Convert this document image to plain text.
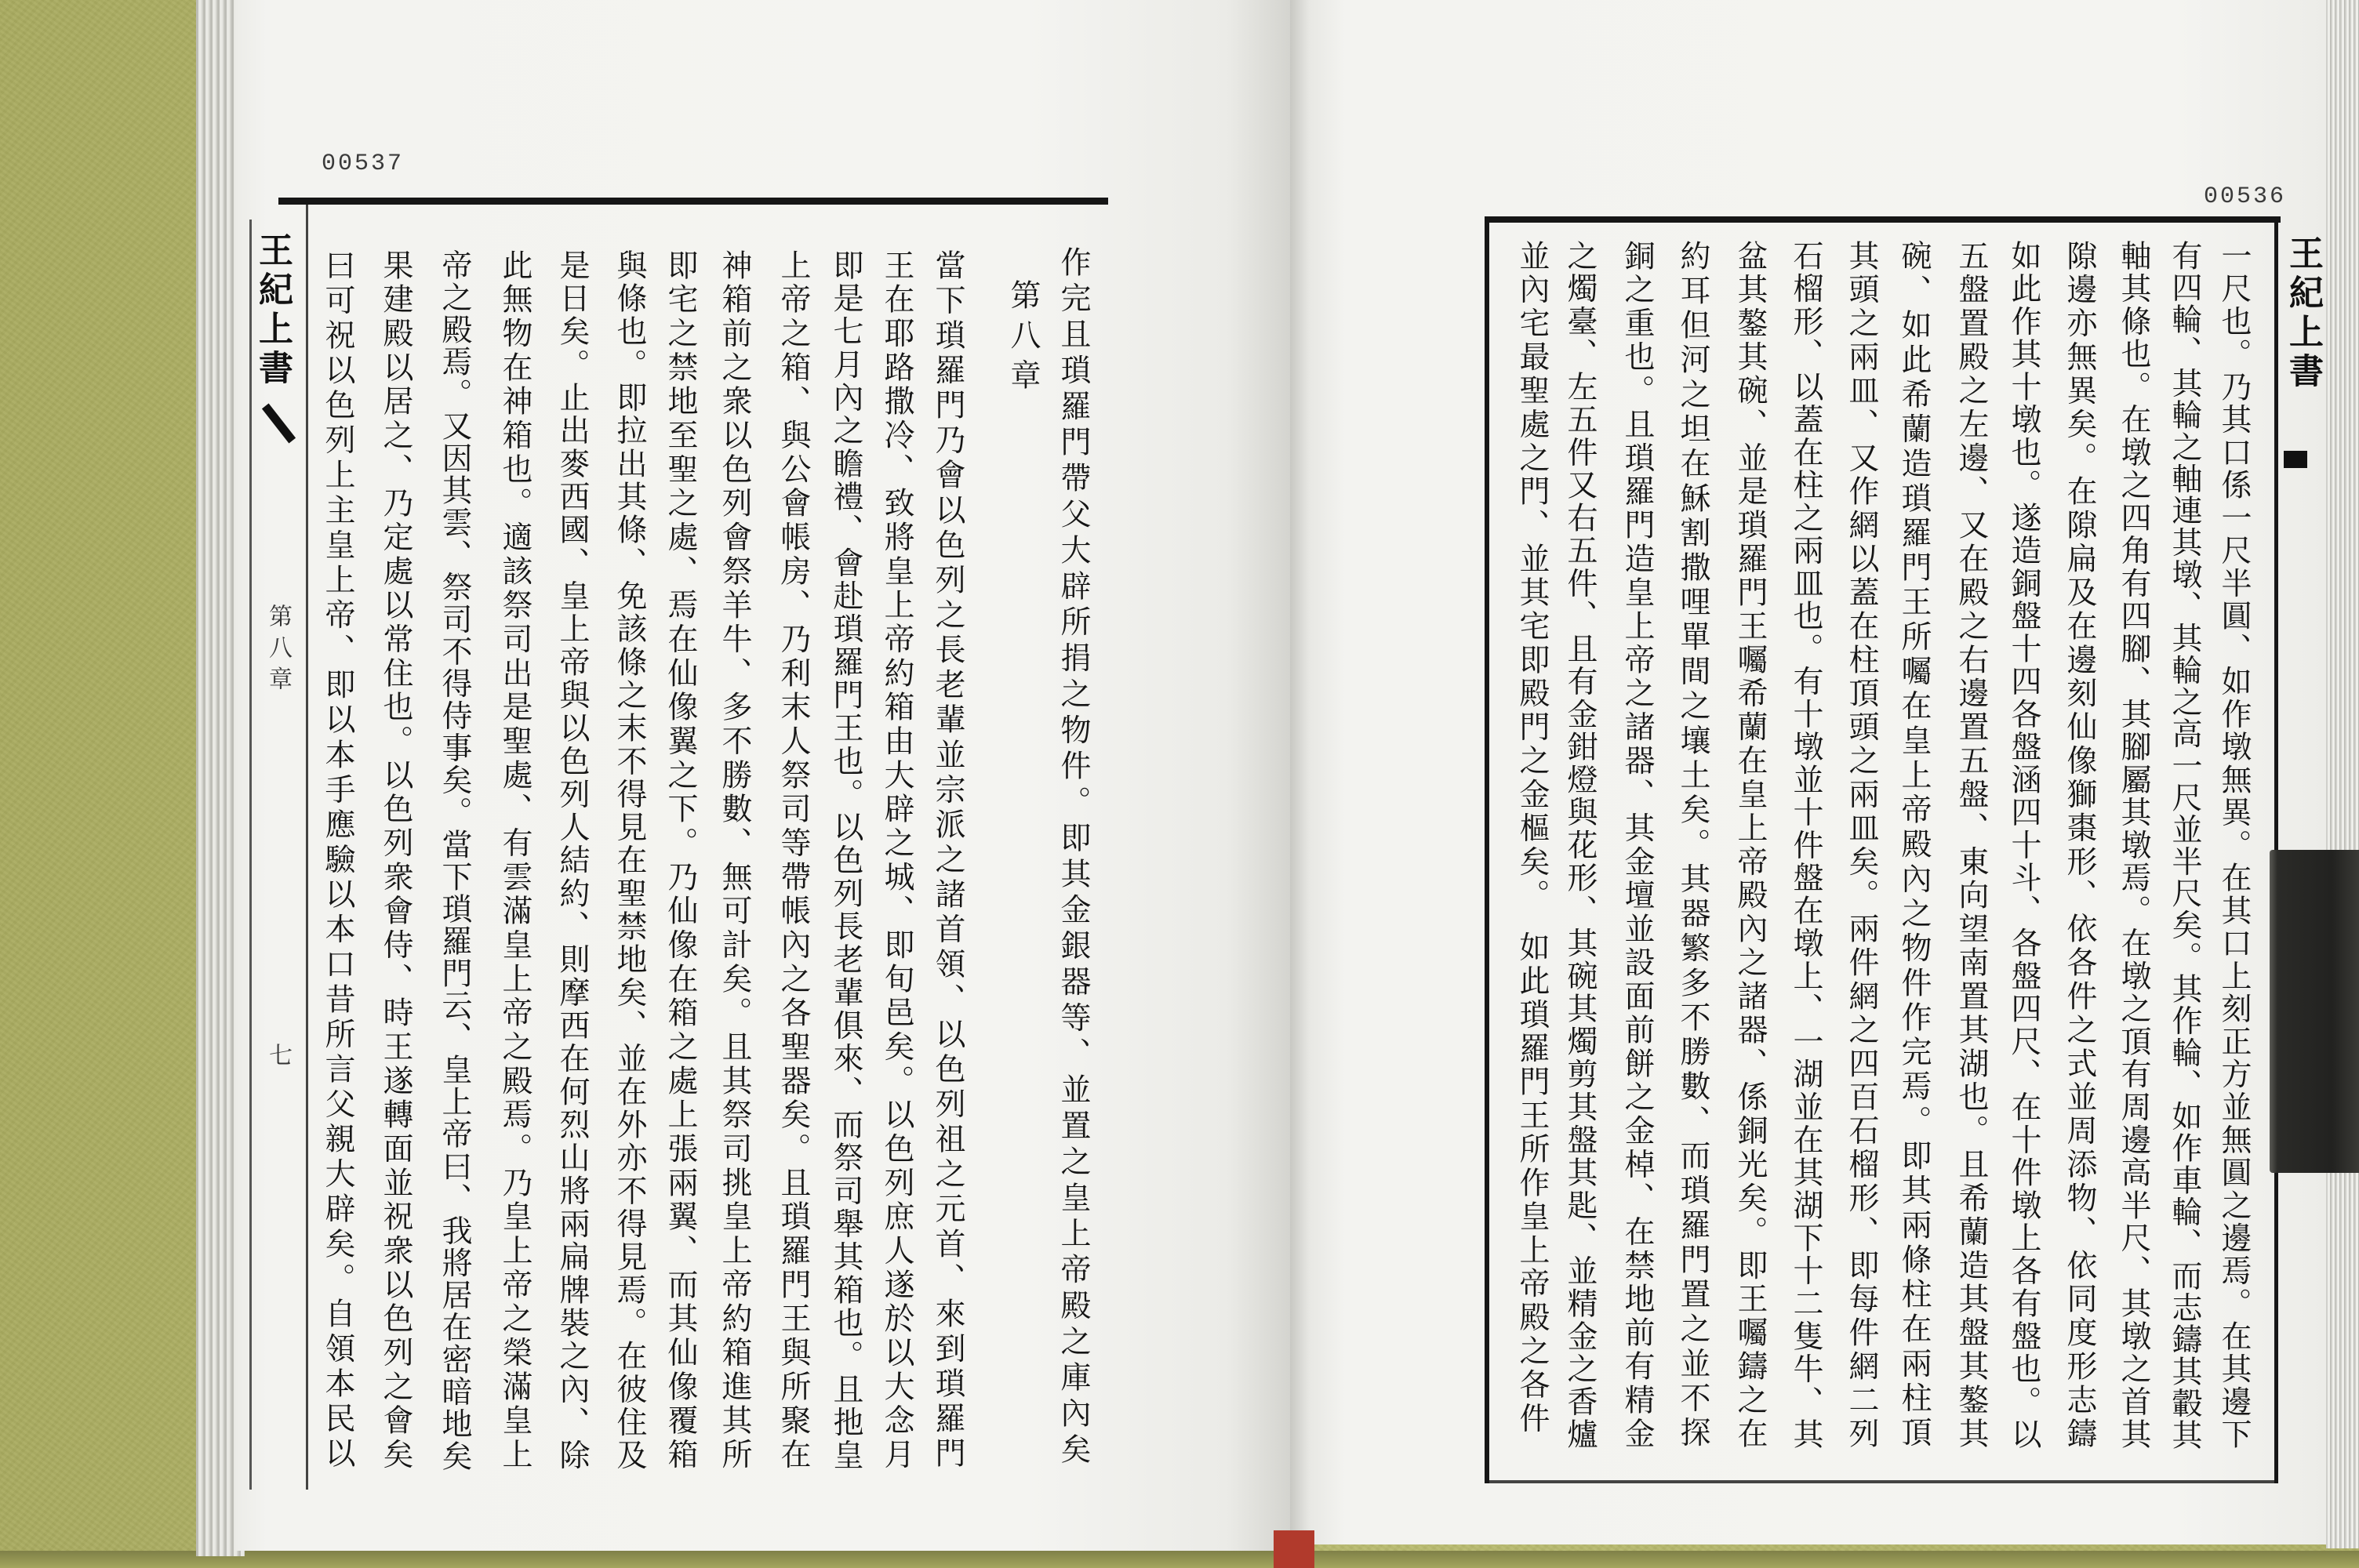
00537
王紀上書
第八章
七	作完且瑣羅門帶父大辟所捐之物件。即其金銀器等、並置之皇上帝殿之庫內矣
第八章
當下瑣羅門乃會以色列之長老輩並宗派之諸首領、以色列祖之元首、來到瑣羅門
王在耶路撒冷、致將皇上帝約箱由大辟之城、即旬邑矣。以色列庶人遂於以大念月
即是七月內之瞻禮、會赴瑣羅門王也。以色列長老輩俱來、而祭司舉其箱也。且扡皇
上帝之箱、與公會帳房、乃利末人祭司等帶帳內之各聖器矣。且瑣羅門王與所聚在
神箱前之衆以色列會祭羊牛、多不勝數、無可計矣。且其祭司挑皇上帝約箱進其所
即宅之禁地至聖之處、焉在仙像翼之下。乃仙像在箱之處上張兩翼、而其仙像覆箱
與條也。即拉出其條、免該條之末不得見在聖禁地矣、並在外亦不得見焉。在彼住及
是日矣。止出麥西國、皇上帝與以色列人結約、則摩西在何烈山將兩扁牌裝之內、除
此無物在神箱也。適該祭司出是聖處、有雲滿皇上帝之殿焉。乃皇上帝之榮滿皇上
帝之殿焉。又因其雲、祭司不得侍事矣。當下瑣羅門云、皇上帝曰、我將居在密暗地矣
果建殿以居之、乃定處以常住也。以色列衆會侍、時王遂轉面並祝衆以色列之會矣
曰可祝以色列上主皇上帝、即以本手應驗以本口昔所言父親大辟矣。自領本民以
00536
王紀上書
一尺也。乃其口係一尺半圓、如作墩無異。在其口上刻正方並無圓之邊焉。在其邊下
有四輪、其輪之軸連其墩、其輪之高一尺並半尺矣。其作輪、如作車輪、而志鑄其轂其
軸其條也。在墩之四角有四腳、其腳屬其墩焉。在墩之頂有周邊高半尺、其墩之首其
隙邊亦無異矣。在隙扁及在邊刻仙像獅棗形、依各件之式並周添物、依同度形志鑄
如此作其十墩也。遂造銅盤十四各盤涵四十斗、各盤四尺、在十件墩上各有盤也。以
五盤置殿之左邊、又在殿之右邊置五盤、東向望南置其湖也。且希蘭造其盤其鏊其
碗、如此希蘭造瑣羅門王所囑在皇上帝殿內之物件作完焉。即其兩條柱在兩柱頂
其頭之兩皿、又作網以蓋在柱頂頭之兩皿矣。兩件網之四百石榴形、即每件網二列
石榴形、以蓋在柱之兩皿也。有十墩並十件盤在墩上、一湖並在其湖下十二隻牛、其
盆其鏊其碗、並是瑣羅門王囑希蘭在皇上帝殿內之諸器、係銅光矣。即王囑鑄之在
約耳但河之坦在穌割撒哩單間之壤土矣。其器繁多不勝數、而瑣羅門置之並不探
銅之重也。且瑣羅門造皇上帝之諸器、其金壇並設面前餅之金棹、在禁地前有精金
之燭臺、左五件又右五件、且有金鉗燈與花形、其碗其燭剪其盤其匙、並精金之香爐
並內宅最聖處之門、並其宅即殿門之金樞矣。　如此瑣羅門王所作皇上帝殿之各件
